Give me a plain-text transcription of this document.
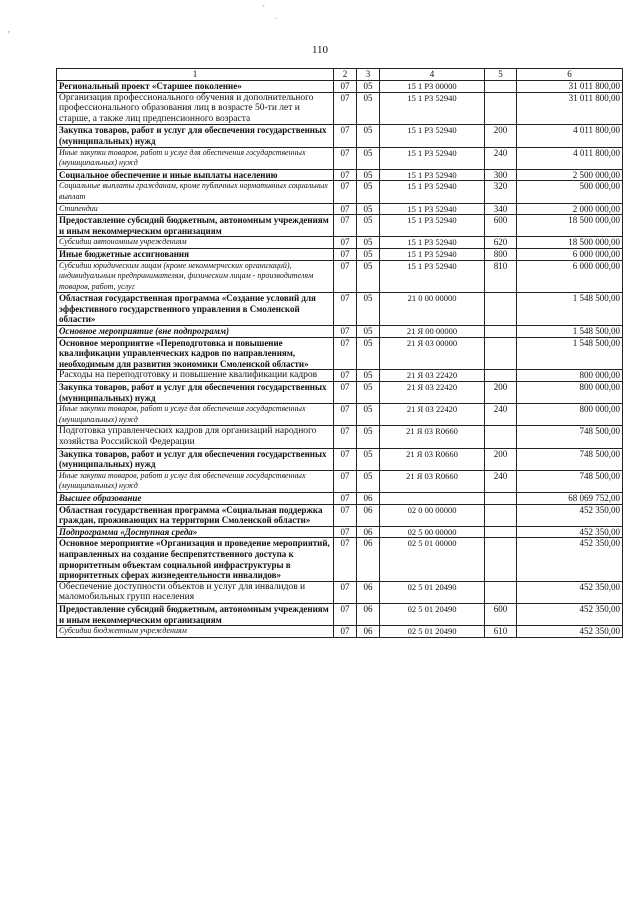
ˇ
·
'
110
1	2	3	4	5	6
Региональный проект «Старшее поколение»	07	05	15 1 P3 00000		31 011 800,00
Организация профессионального обучения и дополнительного профессионального образования лиц в возрасте 50-ти лет и старше, а также лиц предпенсионного возраста	07	05	15 1 P3 52940		31 011 800,00
Закупка товаров, работ и услуг для обеспечения государственных (муниципальных) нужд	07	05	15 1 P3 52940	200	4 011 800,00
Иные закупки товаров, работ и услуг для обеспечения государственных (муниципальных) нужд	07	05	15 1 P3 52940	240	4 011 800,00
Социальное обеспечение и иные выплаты населению	07	05	15 1 P3 52940	300	2 500 000,00
Социальные выплаты гражданам, кроме публичных нормативных социальных выплат	07	05	15 1 P3 52940	320	500 000,00
Стипендии	07	05	15 1 P3 52940	340	2 000 000,00
Предоставление субсидий бюджетным, автономным учреждениям и иным некоммерческим организациям	07	05	15 1 P3 52940	600	18 500 000,00
Субсидии автономным учреждениям	07	05	15 1 P3 52940	620	18 500 000,00
Иные бюджетные ассигнования	07	05	15 1 P3 52940	800	6 000 000,00
Субсидии юридическим лицам (кроме некоммерческих организаций), индивидуальным предпринимателям, физическим лицам - производителям товаров, работ, услуг	07	05	15 1 P3 52940	810	6 000 000,00
Областная государственная программа «Создание условий для эффективного государственного управления в Смоленской области»	07	05	21 0 00 00000		1 548 500,00
Основное мероприятие (вне подпрограмм)	07	05	21 Я 00 00000		1 548 500,00
Основное мероприятие «Переподготовка и повышение квалификации управленческих кадров по направлениям, необходимым для развития экономики Смоленской области»	07	05	21 Я 03 00000		1 548 500,00
Расходы на переподготовку и повышение квалификации кадров	07	05	21 Я 03 22420		800 000,00
Закупка товаров, работ и услуг для обеспечения государственных (муниципальных) нужд	07	05	21 Я 03 22420	200	800 000,00
Иные закупки товаров, работ и услуг для обеспечения государственных (муниципальных) нужд	07	05	21 Я 03 22420	240	800 000,00
Подготовка управленческих кадров для организаций народного хозяйства Российской Федерации	07	05	21 Я 03 R0660		748 500,00
Закупка товаров, работ и услуг для обеспечения государственных (муниципальных) нужд	07	05	21 Я 03 R0660	200	748 500,00
Иные закупки товаров, работ и услуг для обеспечения государственных (муниципальных) нужд	07	05	21 Я 03 R0660	240	748 500,00
Высшее образование	07	06			68 069 752,00
Областная государственная программа «Социальная поддержка граждан, проживающих на территории Смоленской области»	07	06	02 0 00 00000		452 350,00
Подпрограмма «Доступная среда»	07	06	02 5 00 00000		452 350,00
Основное мероприятие «Организация и проведение мероприятий, направленных на создание беспрепятственного доступа к приоритетным объектам социальной инфраструктуры в приоритетных сферах жизнедеятельности инвалидов»	07	06	02 5 01 00000		452 350,00
Обеспечение доступности объектов и услуг для инвалидов и маломобильных групп населения	07	06	02 5 01 20490		452 350,00
Предоставление субсидий бюджетным, автономным учреждениям и иным некоммерческим организациям	07	06	02 5 01 20490	600	452 350,00
Субсидии бюджетным учреждениям	07	06	02 5 01 20490	610	452 350,00
